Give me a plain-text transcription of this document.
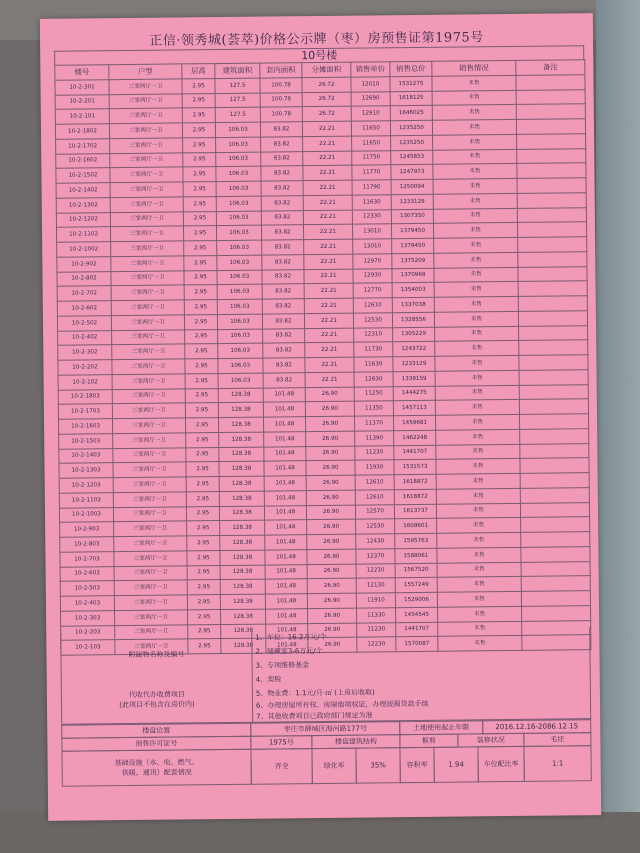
正信·领秀城(荟萃)价格公示牌（枣）房预售证第1975号
10号楼
楼号	户型	层高	建筑面积	套内面积	分摊面积	销售单价	销售总价	销售情况	备注
10-2-301	三室两厅一卫	2.95	127.5	100.78	26.72	12010	1531275	未售	
10-2-201	三室两厅一卫	2.95	127.5	100.78	26.72	12690	1618125	未售	
10-2-101	三室两厅一卫	2.95	127.5	100.78	26.72	12910	1646025	未售	
10-2-1802	三室两厅一卫	2.95	106.03	83.82	22.21	11650	1235250	未售	
10-2-1702	三室两厅一卫	2.95	106.03	83.82	22.21	11650	1235250	未售	
10-2-1602	三室两厅一卫	2.95	106.03	83.82	22.21	11750	1245853	未售	
10-2-1502	三室两厅一卫	2.95	106.03	83.82	22.21	11770	1247973	未售	
10-2-1402	三室两厅一卫	2.95	106.03	83.82	22.21	11790	1250094	未售	
10-2-1302	三室两厅一卫	2.95	106.03	83.82	22.21	11630	1233129	未售	
10-2-1202	三室两厅一卫	2.95	106.03	83.82	22.21	12330	1307350	未售	
10-2-1102	三室两厅一卫	2.95	106.03	83.82	22.21	13010	1379450	未售	
10-2-1002	三室两厅一卫	2.95	106.03	83.82	22.21	13010	1379450	未售	
10-2-902	三室两厅一卫	2.95	106.03	83.82	22.21	12970	1375209	未售	
10-2-802	三室两厅一卫	2.95	106.03	83.82	22.21	12930	1370968	未售	
10-2-702	三室两厅一卫	2.95	106.03	83.82	22.21	12770	1354003	未售	
10-2-602	三室两厅一卫	2.95	106.03	83.82	22.21	12610	1337038	未售	
10-2-502	三室两厅一卫	2.95	106.03	83.82	22.21	12530	1328556	未售	
10-2-402	三室两厅一卫	2.95	106.03	83.82	22.21	12310	1305229	未售	
10-2-302	三室两厅一卫	2.95	106.03	83.82	22.21	11730	1243722	未售	
10-2-202	三室两厅一卫	2.95	106.03	83.82	22.21	11630	1233129	未售	
10-2-102	三室两厅一卫	2.95	106.03	83.82	22.21	12630	1339159	未售	
10-2-1803	三室两厅一卫	2.95	128.38	101.48	26.90	11250	1444275	未售	
10-2-1703	三室两厅一卫	2.95	128.38	101.48	26.90	11350	1457113	未售	
10-2-1603	三室两厅一卫	2.95	128.38	101.48	26.90	11370	1459681	未售	
10-2-1503	三室两厅一卫	2.95	128.38	101.48	26.90	11390	1462248	未售	
10-2-1403	三室两厅一卫	2.95	128.38	101.48	26.90	11230	1441707	未售	
10-2-1303	三室两厅一卫	2.95	128.38	101.48	26.90	11930	1531573	未售	
10-2-1203	三室两厅一卫	2.95	128.38	101.48	26.90	12610	1618872	未售	
10-2-1103	三室两厅一卫	2.95	128.38	101.48	26.90	12610	1618872	未售	
10-2-1003	三室两厅一卫	2.95	128.38	101.48	26.90	12570	1613737	未售	
10-2-903	三室两厅一卫	2.95	128.38	101.48	26.90	12530	1608601	未售	
10-2-803	三室两厅一卫	2.95	128.38	101.48	26.90	12430	1595763	未售	
10-2-703	三室两厅一卫	2.95	128.38	101.48	26.90	12370	1588061	未售	
10-2-603	三室两厅一卫	2.95	128.38	101.48	26.90	12210	1567520	未售	
10-2-503	三室两厅一卫	2.95	128.38	101.48	26.90	12130	1557249	未售	
10-2-403	三室两厅一卫	2.95	128.38	101.48	26.90	11910	1529006	未售	
10-2-303	三室两厅一卫	2.95	128.38	101.48	26.90	11330	1454545	未售	
10-2-203	三室两厅一卫	2.95	128.38	101.48	26.90	11230	1441707	未售	
10-2-103	三室两厅一卫	2.95	128.38	101.48	26.90	12230	1570087	未售	
附属物名称及编号
代收代办收费项目
(此项目不包含在房价内)
1、车位：16.2万元/个
2、储藏室3-6万元/个
3、专项维修基金
4、契税
5、物业费：1.1元/月·㎡ (上房后收取)
6、办理房屋所有权、房屋他项权证，办理按揭贷款手续
7、其他收费项目已政府部门规定为准
楼盘位置	枣庄市薛城区海河路177号	土地使用起止年限	2016.12.16-2086.12.15
预售许可证号	1975号	楼盘建筑结构	框剪	装修状况	毛坯
基础设施（水、电、燃气、
供暖、通讯）配套情况
齐全	绿化率	35%	容积率	1.94	车位配比率	1:1
